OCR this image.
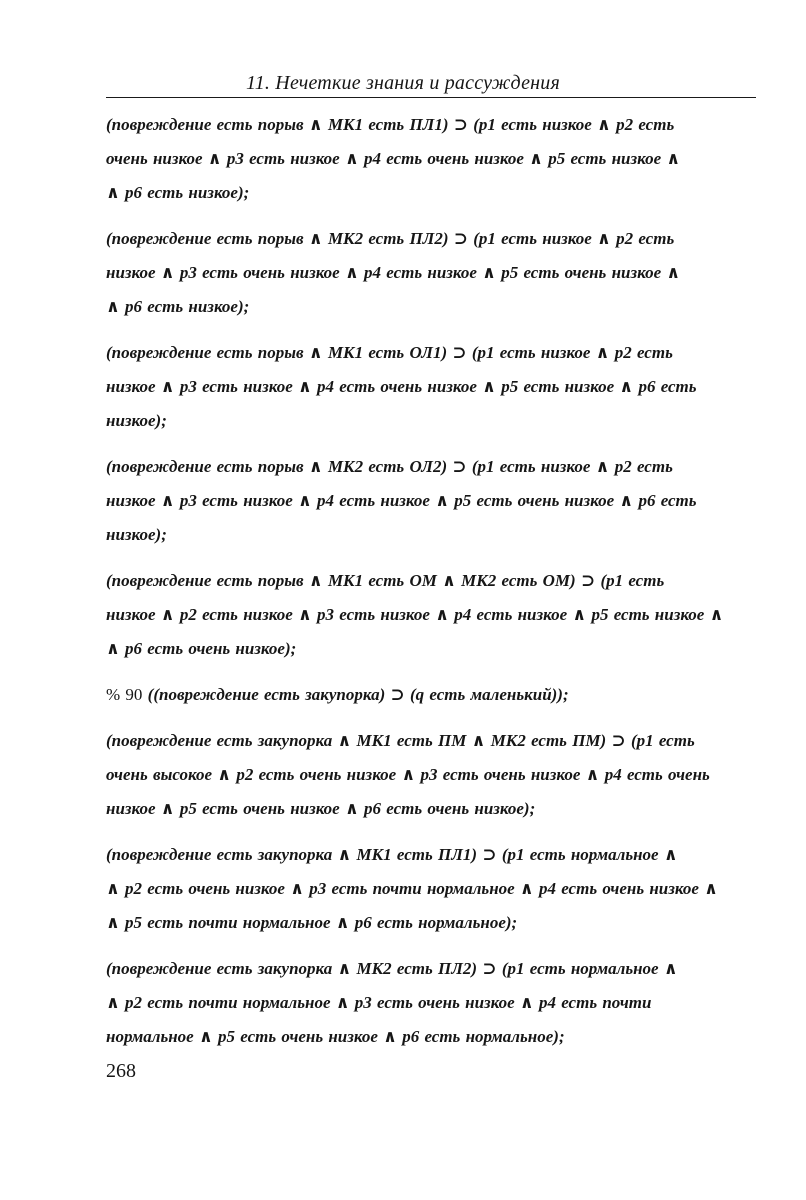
11. Нечеткие знания и рассуждения
(повреждение есть порыв ∧ МК1 есть ПЛ1) ⊃ (p1 есть низкое ∧ p2 есть
очень низкое ∧ p3 есть низкое ∧ p4 есть очень низкое ∧ p5 есть низкое ∧
∧ p6 есть низкое);
(повреждение есть порыв ∧ МК2 есть ПЛ2) ⊃ (p1 есть низкое ∧ p2 есть
низкое ∧ p3 есть очень низкое ∧ p4 есть низкое ∧ p5 есть очень низкое ∧
∧ p6 есть низкое);
(повреждение есть порыв ∧ МК1 есть ОЛ1) ⊃ (p1 есть низкое ∧ p2 есть
низкое ∧ p3 есть низкое ∧ p4 есть очень низкое ∧ p5 есть низкое ∧ p6 есть
низкое);
(повреждение есть порыв ∧ МК2 есть ОЛ2) ⊃ (p1 есть низкое ∧ p2 есть
низкое ∧ p3 есть низкое ∧ p4 есть низкое ∧ p5 есть очень низкое ∧ p6 есть
низкое);
(повреждение есть порыв ∧ МК1 есть ОМ ∧ МК2 есть ОМ) ⊃ (p1 есть
низкое ∧ p2 есть низкое ∧ p3 есть низкое ∧ p4 есть низкое ∧ p5 есть низкое ∧
∧ p6 есть очень низкое);
% 90 ((повреждение есть закупорка) ⊃ (q есть маленький));
(повреждение есть закупорка ∧ МК1 есть ПМ ∧ МК2 есть ПМ) ⊃ (p1 есть
очень высокое ∧ p2 есть очень низкое ∧ p3 есть очень низкое ∧ p4 есть очень
низкое ∧ p5 есть очень низкое ∧ p6 есть очень низкое);
(повреждение есть закупорка ∧ МК1 есть ПЛ1) ⊃ (p1 есть нормальное ∧
∧ p2 есть очень низкое ∧ p3 есть почти нормальное ∧ p4 есть очень низкое ∧
∧ p5 есть почти нормальное ∧ p6 есть нормальное);
(повреждение есть закупорка ∧ МК2 есть ПЛ2) ⊃ (p1 есть нормальное ∧
∧ p2 есть почти нормальное ∧ p3 есть очень низкое ∧ p4 есть почти
нормальное ∧ p5 есть очень низкое ∧ p6 есть нормальное);
268
